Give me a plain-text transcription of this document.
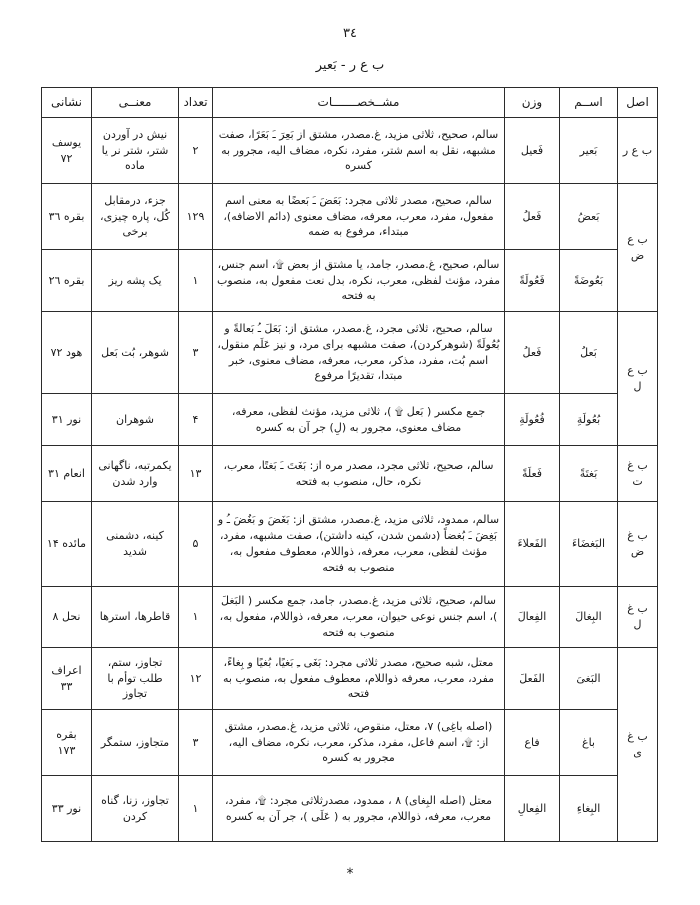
٣٤
ب ع ر - بَعير
اصل	اســم	وزن	مشــخصـــــــات	تعداد	معنــى	نشانى
ب ع ر	بَعير	فَعيل	سالم، صحیح، ثلاثی مزید، غ.مصدر، مشتق از بَعِرَ ـَ بَعَرًا، صفت مشبهه، نقل به اسم شتر، مفرد، نکره، مضاف الیه، مجرور به کسره	٢	نیش در آوردن شتر، شتر نر یا ماده	یوسف ٧٢
ب ع ض	بَعضُ	فَعلُ	سالم، صحیح، مصدر ثلاثی مجرد: بَعَضَ ـَ بَعضًا به معنی اسم مفعول، مفرد، معرب، معرفه، مضاف معنوی (دائم الاضافه)، مبتداء، مرفوع به ضمه	١٢٩	جزء، درمقابل کُل، پاره چیزی، برخی	بقره ٣٦
	بَعُوضَةً	فَعُولَةً	سالم، صحیح، غ.مصدر، جامد، یا مشتق از بعض ۩، اسم جنس، مفرد، مؤنث لفظی، معرب، نکره، بدل نعت مفعول به، منصوب به فتحه	١	یک پشه ریز	بقره ٢٦
ب ع ل	بَعلُ	فَعلُ	سالم، صحیح، ثلاثی مجرد، غ.مصدر، مشتق از: بَعَلَ ـُ بَعالةً و بُعُولَةً (شوهرکردن)، صفت مشبهه برای مرد، و نیز عَلَم منقول، اسم بُت، مفرد، مذکر، معرب، معرفه، مضاف معنوی، خبر مبتدا، تقدیرًا مرفوع	٣	شوهر، بُت بَعل	هود ٧٢
	بُعُولَةِ	فُعُولَةِ	جمع مکسر ( بَعل ۩ )، ثلاثی مزید، مؤنث لفظی، معرفه، مضاف معنوی، مجرور به (لِ) جر آن به کسره	۴	شوهران	نور ٣١
ب غ ت	بَغتَةً	فَعلَةً	سالم، صحیح، ثلاثی مجرد، مصدر مره از: بَغَتَ ـَ بَغتًا، معرب، نکره، حال، منصوب به فتحه	١٣	یکمرتبه، ناگهانی وارد شدن	انعام ٣١
ب غ ض	البَغضَاءَ	الفَعلاءَ	سالم، ممدود، ثلاثی مزید، غ.مصدر، مشتق از: بَغَضَ و بَغُضَ ـُ و بَغِضَ ـَ بُغضاً (دشمن شدن، کینه داشتن)، صفت مشبهه، مفرد، مؤنث لفظی، معرب، معرفه، ذواللام، معطوف مفعول به، منصوب به فتحه	۵	کینه، دشمنی شدید	مائده ١۴
ب غ ل	البِغالَ	الفِعالَ	سالم، صحیح، ثلاثی مزید، غ.مصدر، جامد، جمع مکسر ( البَغلَ )، اسم جنس نوعی حیوان، معرب، معرفه، ذواللام، مفعول به، منصوب به فتحه	١	قاطرها، استرها	نحل ٨
ب غ ی	البَغیَ	الفَعلَ	معتل، شبه صحیح، مصدر ثلاثی مجرد: بَغَى ـِ بَغیًا، بُغیًا و بِغاءً، مفرد، معرب، معرفه ذواللام، معطوف مفعول به، منصوب به فتحه	١٢	تجاوز، ستم، طلب توأم با تجاوز	اعراف ٣٣
	باغ	فاع	(اصله باغِی) ٧، معتل، منقوص، ثلاثی مزید، غ.مصدر، مشتق از: ۩، اسم فاعل، مفرد، مذکر، معرب، نکره، مضاف الیه، مجرور به کسره	٣	متجاوز، ستمگر	بقره ١٧٣
	البِغاءِ	الفِعالِ	معتل (اصله البِغای) ٨ ، ممدود، مصدرثلاثی مجرد: ۩، مفرد، معرب، معرفه، ذواللام، مجرور به ( عَلَى )، جر آن به کسره	١	تجاوز، زنا، گناه کردن	نور ٣٣
*
